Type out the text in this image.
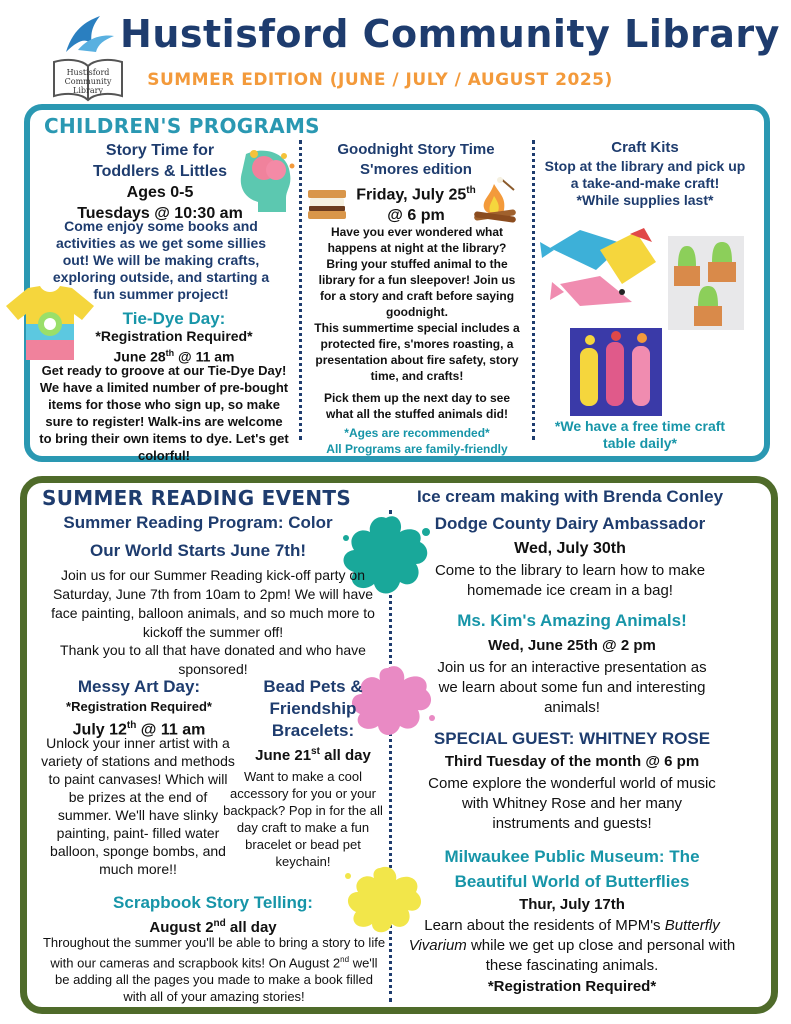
Hustisford
Community
Library
Hustisford Community Library
SUMMER EDITION (JUNE / JULY / AUGUST 2025)
CHILDREN'S PROGRAMS
Story Time for
Toddlers & Littles
Ages 0-5
Tuesdays @ 10:30 am
Come enjoy some books and activities as we get some sillies out! We will be making crafts, exploring outside, and starting a fun summer project!
Tie-Dye Day:
*Registration Required*
June 28th @ 11 am
Get ready to groove at our Tie-Dye Day! We have a limited number of pre-bought items for those who sign up, so make sure to register! Walk-ins are welcome to bring their own items to dye. Let's get colorful!
Goodnight Story Time
S'mores edition
Friday, July 25th
@ 6 pm
Have you ever wondered what happens at night at the library? Bring your stuffed animal to the library for a fun sleepover! Join us for a story and craft before saying goodnight.
This summertime special includes a protected fire, s'mores roasting, a presentation about fire safety, story time, and crafts!
Pick them up the next day to see what all the stuffed animals did!
*Ages are recommended*
All Programs are family-friendly
Craft Kits
Stop at the library and pick up a take-and-make craft!
*While supplies last*
*We have a free time craft table daily*
SUMMER READING EVENTS
Summer Reading Program: Color
Our World Starts June 7th!
Join us for our Summer Reading kick-off party on Saturday, June 7th from 10am to 2pm! We will have face painting, balloon animals, and so much more to kickoff the summer off!
Thank you to all that have donated and who have sponsored!
Messy Art Day:
*Registration Required*
July 12th @ 11 am
Unlock your inner artist with a variety of stations and methods to paint canvases! Which will be prizes at the end of summer. We'll have slinky painting, paint- filled water balloon, sponge bombs, and much more!!
Bead Pets &
Friendship
Bracelets:
June 21st all day
Want to make a cool accessory for you or your backpack? Pop in for the all day craft to make a fun bracelet or bead pet keychain!
Scrapbook Story Telling:
August 2nd all day
Throughout the summer you'll be able to bring a story to life with our cameras and scrapbook kits! On August 2nd we'll be adding all the pages you made to make a book filled with all of your amazing stories!
Ice cream making with Brenda Conley
Dodge County Dairy Ambassador
Wed, July 30th
Come to the library to learn how to make homemade ice cream in a bag!
Ms. Kim's Amazing Animals!
Wed, June 25th @ 2 pm
Join us for an interactive presentation as we learn about some fun and interesting animals!
SPECIAL GUEST: WHITNEY ROSE
Third Tuesday of the month @ 6 pm
Come explore the wonderful world of music with Whitney Rose and her many instruments and guests!
Milwaukee Public Museum: The
Beautiful World of Butterflies
Thur, July 17th
Learn about the residents of MPM's Butterfly Vivarium while we get up close and personal with these fascinating animals.
*Registration Required*
